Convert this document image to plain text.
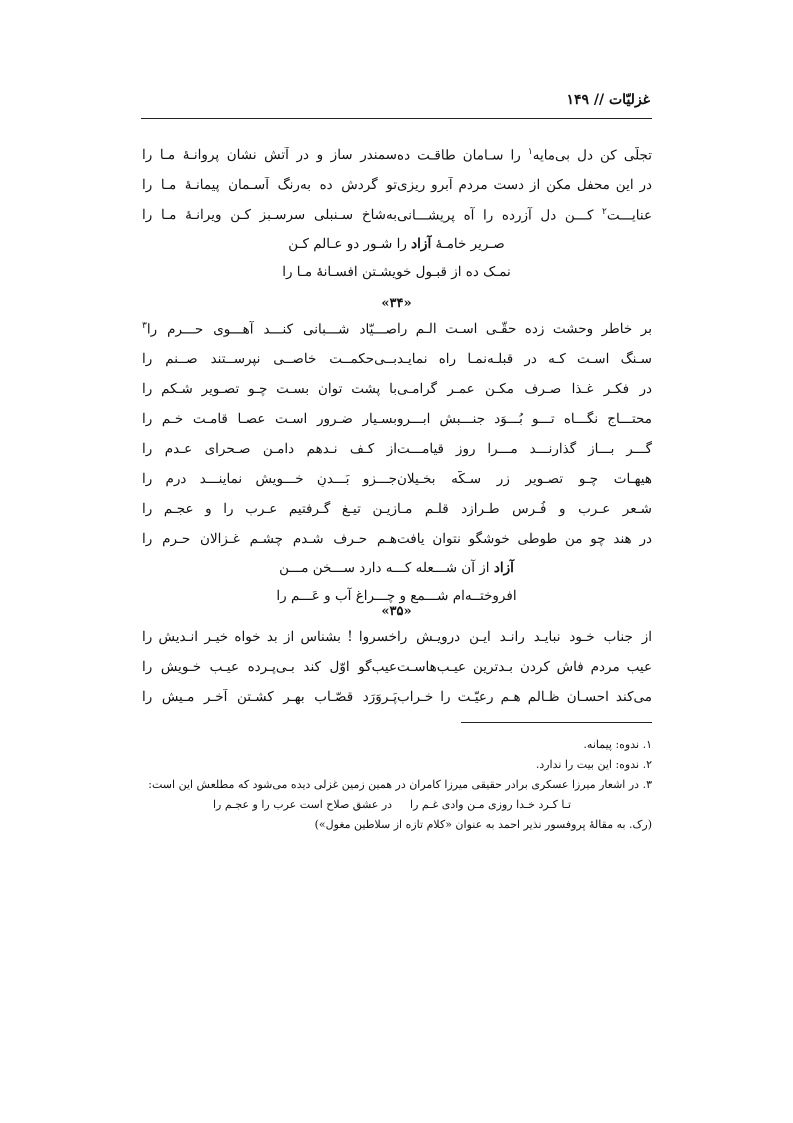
غزلیّات // ۱۴۹
تجلّی کن دل بی‌مایه$^۱$ را سـامان طاقـت ده
سمندر ساز و در آتش نشان پروانـهٔ مـا را
در این محفل مکن از دست مردم آبرو ریزی
تو گردش ده به‌رنگ آسـمان پیمانـهٔ مـا را
عنایـــت$^۲$ کـــن دل آزرده را آه پریشـــانی
به‌شاخ سـنبلی سرسـبز کـن ویرانـهٔ مـا را
صـریر خامـهٔ آزاد را شـور دو عـالم کـن
نمـک ده از قبـول خویشـتن افسـانهٔ مـا را
«۳۴»
بر خاطر وحشت زده حقّـی اسـت الـم را
صـــیّاد شـــبانی کنـــد آهـــوی حـــرم را$^۳$
سـنگ اسـت کـه در قبلـه‌نمـا راه نمایـد
بــی‌حکمــت خاصــی نپرســتند صــنم را
در فکـر غـذا صـرف مکـن عمـر گرامـی
با پشت توان بسـت چـو تصـویر شـکم را
محتـــاج نگـــاه تـــو بُـــوَد جنـــبش ابـــرو
بسـیار ضـرور اسـت عصـا قامـت خـم را
گـــر بـــاز گذارنـــد مـــرا روز قیامـــت
از کـف نـدهم دامـن صـحرای عـدم را
هیهـات چـو تصـویر زر سـکّه بخـیلان
جـــزو بَـــدنِ خـــویش نماینـــد درم را
شـعر عـرب و فُـرس طـرازد قلـم مـا
زیـن تیـغ گـرفتیم عـرب را و عجـم را
در هند چو من طوطی خوشگو نتوان یافت
هـم حـرف شـدم چشـم غـزالان حـرم را
آزاد از آن شـــعله کـــه دارد ســـخن مـــن
افروختــه‌ام شـــمع و چـــراغ آب و عَـــم را
«۳۵»
از جناب خـود نبایـد رانـد ایـن درویـش را
خسروا ! بشناس از بد خواه خیـر انـدیش را
عیب مردم فاش کردن بـدترین عیـب‌هاسـت
عیب‌گو اوّل کند بـی‌پـرده عیـب خـویش را
می‌کند احسـان ظـالم هـم رعیّـت را خـراب
پَـروَرَد قصّـاب بهـر کشـتن آخـر مـیش را
۱. ندوه: پیمانه.
۲. ندوه: این بیت را ندارد.
۳. در اشعار میرزا عسکری برادر حقیقی میرزا کامران در همین زمین غزلی دیده می‌شود که مطلعش این است:
تـا کـرد خـدا روزی مـن وادی غـم را
در عشق صلاح است عرب را و عجـم را
(رک. به مقالهٔ پروفسور نذیر احمد به عنوان «کلام تازه از سلاطین مغول»)
